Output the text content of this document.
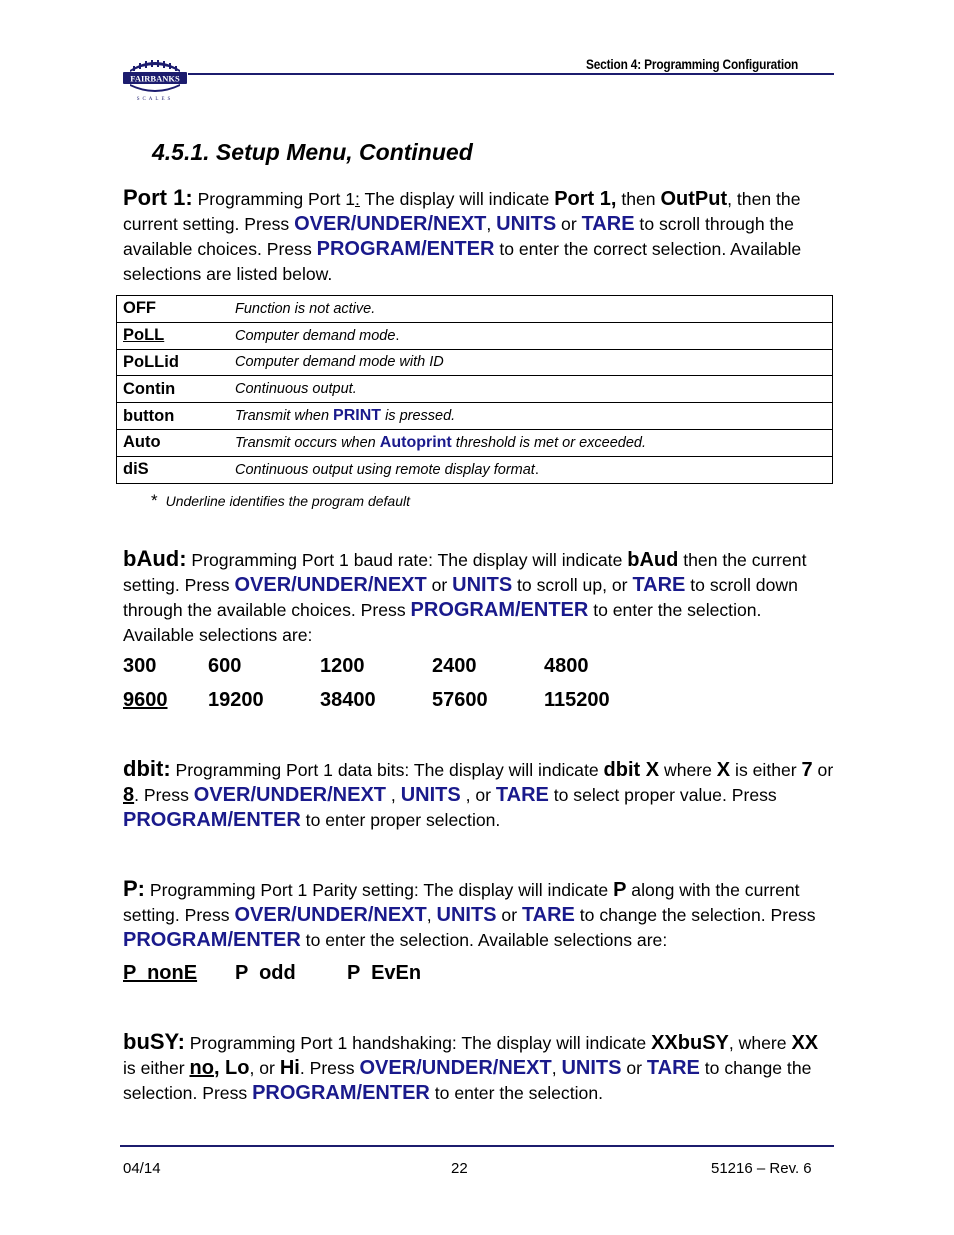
FAIRBANKS
SCALES
Section 4: Programming Configuration
4.5.1. Setup Menu, Continued
Port 1: Programming Port 1: The display will indicate Port 1, then OutPut, then the current setting. Press OVER/UNDER/NEXT, UNITS or TARE to scroll through the available choices. Press PROGRAM/ENTER to enter the correct selection. Available selections are listed below.
OFF	Function is not active.
PoLL	Computer demand mode.
PoLLid	Computer demand mode with ID
Contin	Continuous output.
button	Transmit when PRINT is pressed.
Auto	Transmit occurs when Autoprint threshold is met or exceeded.
diS	Continuous output using remote display format.
* Underline identifies the program default
bAud: Programming Port 1 baud rate: The display will indicate bAud then the current setting. Press OVER/UNDER/NEXT or UNITS to scroll up, or TARE to scroll down through the available choices. Press PROGRAM/ENTER to enter the selection. Available selections are:
300	600	1200	2400	4800
9600 19200	38400	57600	115200
dbit: Programming Port 1 data bits: The display will indicate dbit X where X is either 7 or 8. Press OVER/UNDER/NEXT , UNITS , or TARE to select proper value. Press PROGRAM/ENTER to enter proper selection.
P: Programming Port 1 Parity setting: The display will indicate P along with the current setting. Press OVER/UNDER/NEXT, UNITS or TARE to change the selection. Press PROGRAM/ENTER to enter the selection. Available selections are:
P  nonE P  odd	P  EvEn
buSY: Programming Port 1 handshaking: The display will indicate XXbuSY, where XX is either no, Lo, or Hi. Press OVER/UNDER/NEXT, UNITS or TARE to change the selection. Press PROGRAM/ENTER to enter the selection.
04/14	22	51216 – Rev. 6
